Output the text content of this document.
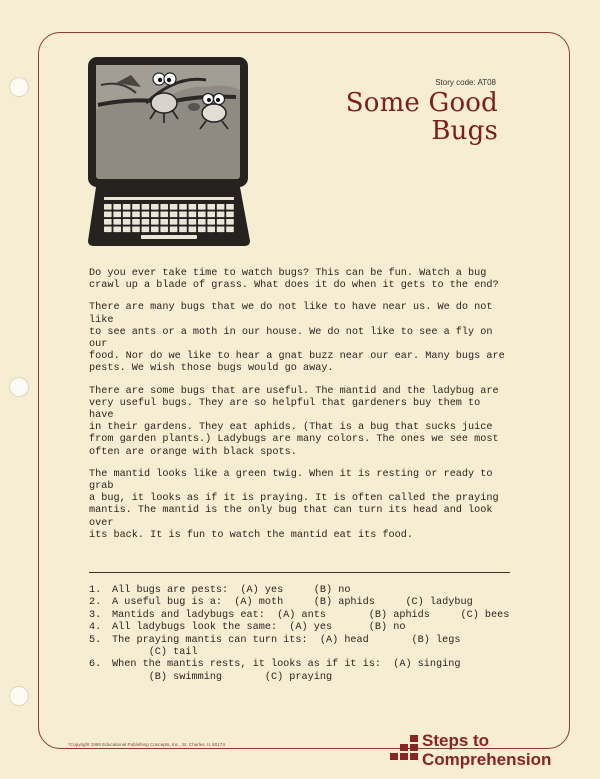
Story code: AT08
Some Good
Bugs

Do you ever take time to watch bugs? This can be fun. Watch a bug
crawl up a blade of grass. What does it do when it gets to the end?

There are many bugs that we do not like to have near us. We do not like
to see ants or a moth in our house. We do not like to see a fly on our
food. Nor do we like to hear a gnat buzz near our ear. Many bugs are
pests. We wish those bugs would go away.

There are some bugs that are useful. The mantid and the ladybug are
very useful bugs. They are so helpful that gardeners buy them to have
in their gardens. They eat aphids. (That is a bug that sucks juice
from garden plants.) Ladybugs are many colors. The ones we see most
often are orange with black spots.

The mantid looks like a green twig. When it is resting or ready to grab
a bug, it looks as if it is praying. It is often called the praying
mantis. The mantid is the only bug that can turn its head and look over
its back. It is fun to watch the mantid eat its food.

1.	All bugs are pests:  (A) yes     (B) no
2.	A useful bug is a:  (A) moth     (B) aphids     (C) ladybug
3.	Mantids and ladybugs eat:  (A) ants       (B) aphids     (C) bees
4.	All ladybugs look the same:  (A) yes      (B) no
5.	The praying mantis can turn its:  (A) head       (B) legs
(C) tail
6.	When the mantis rests, it looks as if it is:  (A) singing
(B) swimming       (C) praying
*Copyright 1986 Educational Publishing Concepts, Inc., St. Charles, IL 60174	Steps to
Comprehension
